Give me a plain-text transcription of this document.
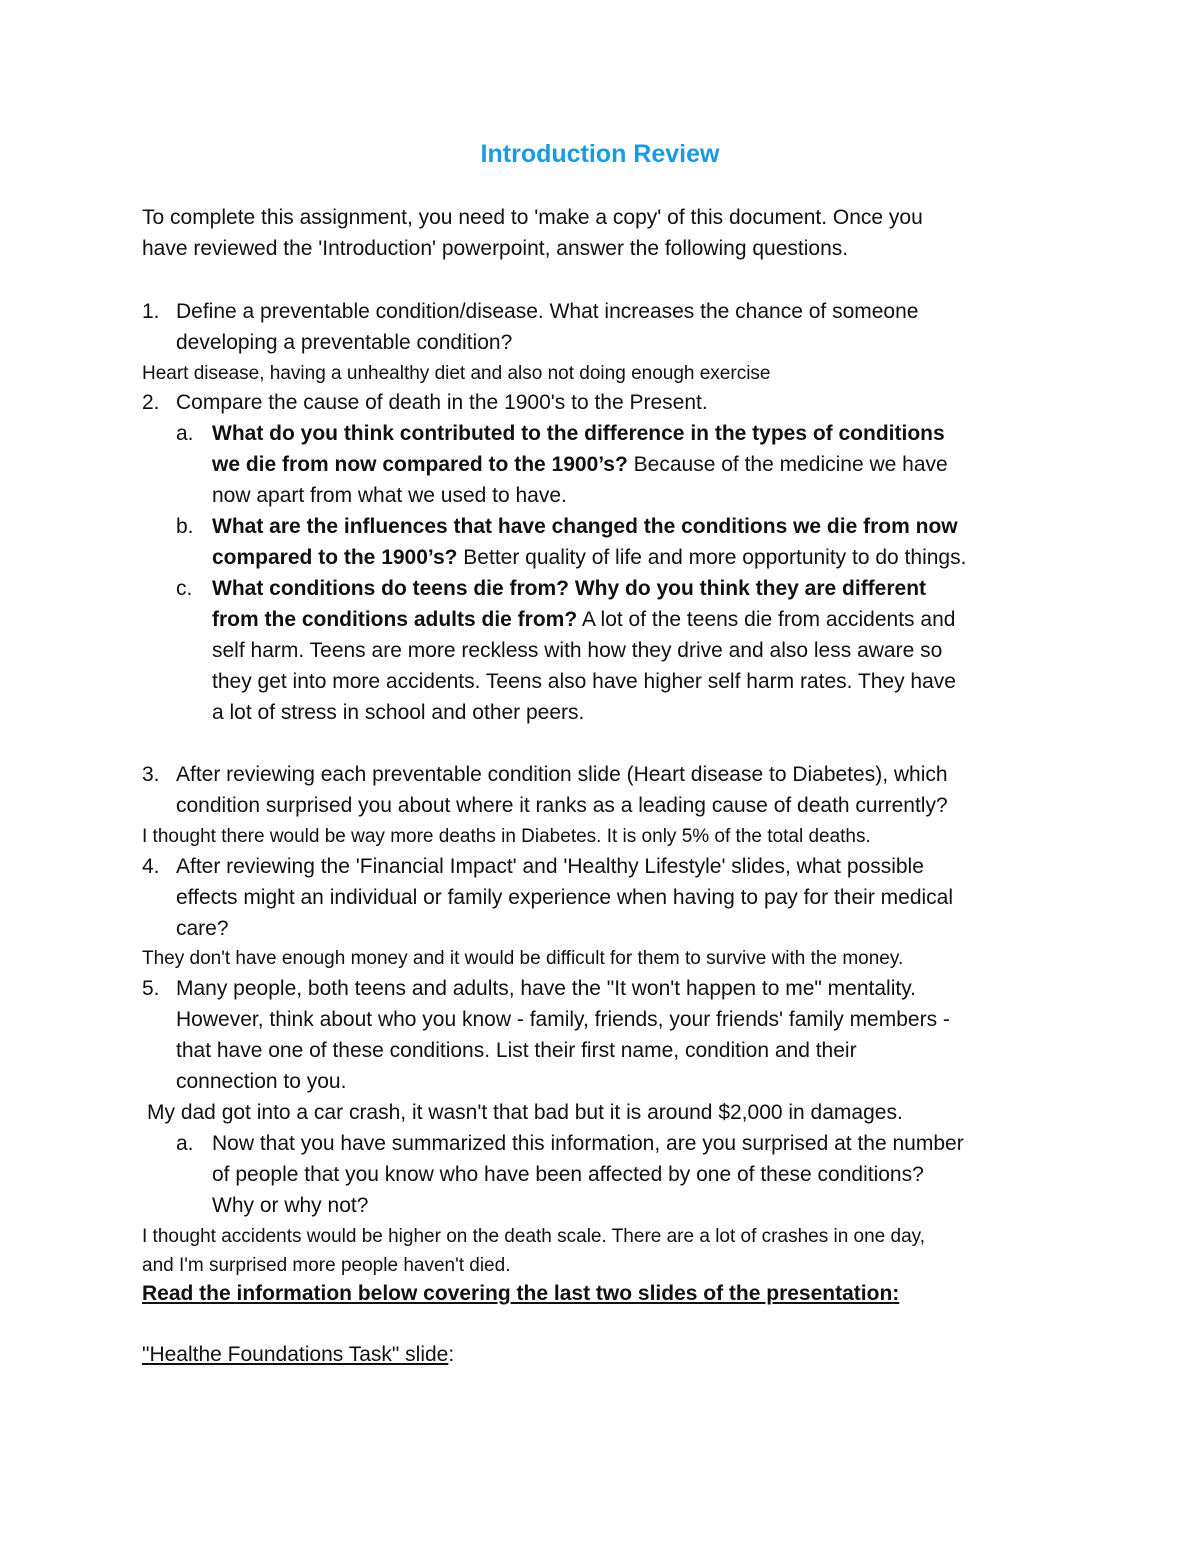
Introduction Review
To complete this assignment, you need to 'make a copy' of this document. Once you
have reviewed the 'Introduction' powerpoint, answer the following questions.
1. Define a preventable condition/disease. What increases the chance of someone
developing a preventable condition?
Heart disease, having a unhealthy diet and also not doing enough exercise
2. Compare the cause of death in the 1900's to the Present.
a. What do you think contributed to the difference in the types of conditions
we die from now compared to the 1900’s? Because of the medicine we have
now apart from what we used to have.
b. What are the influences that have changed the conditions we die from now
compared to the 1900’s? Better quality of life and more opportunity to do things.
c. What conditions do teens die from? Why do you think they are different
from the conditions adults die from? A lot of the teens die from accidents and
self harm. Teens are more reckless with how they drive and also less aware so
they get into more accidents. Teens also have higher self harm rates. They have
a lot of stress in school and other peers.
3. After reviewing each preventable condition slide (Heart disease to Diabetes), which
condition surprised you about where it ranks as a leading cause of death currently?
I thought there would be way more deaths in Diabetes. It is only 5% of the total deaths.
4. After reviewing the 'Financial Impact' and 'Healthy Lifestyle' slides, what possible
effects might an individual or family experience when having to pay for their medical
care?
They don't have enough money and it would be difficult for them to survive with the money.
5. Many people, both teens and adults, have the "It won't happen to me" mentality.
However, think about who you know - family, friends, your friends' family members -
that have one of these conditions. List their first name, condition and their
connection to you.
My dad got into a car crash, it wasn't that bad but it is around $2,000 in damages.
a. Now that you have summarized this information, are you surprised at the number
of people that you know who have been affected by one of these conditions?
Why or why not?
I thought accidents would be higher on the death scale. There are a lot of crashes in one day,
and I'm surprised more people haven't died.
Read the information below covering the last two slides of the presentation:
"Healthe Foundations Task" slide:
